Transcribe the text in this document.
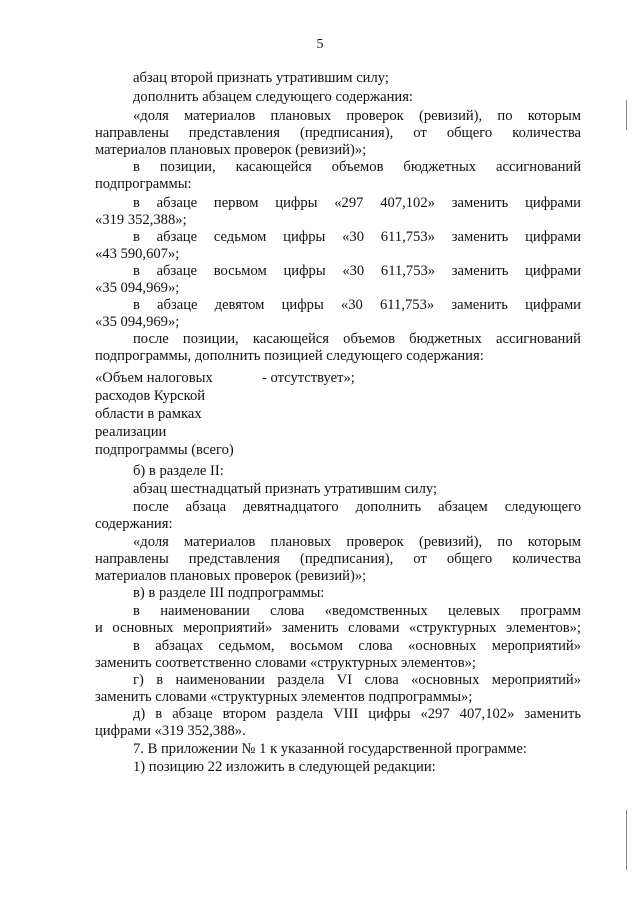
5
абзац второй признать утратившим силу;
дополнить абзацем следующего содержания:
«доля материалов плановых проверок (ревизий), по которым
направлены представления (предписания), от общего количества
материалов плановых проверок (ревизий)»;
в позиции, касающейся объемов бюджетных ассигнований
подпрограммы:
в абзаце первом цифры «297 407,102» заменить цифрами
«319 352,388»;
в абзаце седьмом цифры «30 611,753» заменить цифрами
«43 590,607»;
в абзаце восьмом цифры «30 611,753» заменить цифрами
«35 094,969»;
в абзаце девятом цифры «30 611,753» заменить цифрами
«35 094,969»;
после позиции, касающейся объемов бюджетных ассигнований
подпрограммы, дополнить позицией следующего содержания:
«Объем налоговых
расходов Курской
области в рамках
реализации
подпрограммы (всего)
- отсутствует»;
б) в разделе II:
абзац шестнадцатый признать утратившим силу;
после абзаца девятнадцатого дополнить абзацем следующего
содержания:
«доля материалов плановых проверок (ревизий), по которым
направлены представления (предписания), от общего количества
материалов плановых проверок (ревизий)»;
в) в разделе III подпрограммы:
в наименовании слова «ведомственных целевых программ
и основных мероприятий» заменить словами «структурных элементов»;
в абзацах седьмом, восьмом слова «основных мероприятий»
заменить соответственно словами «структурных элементов»;
г) в наименовании раздела VI слова «основных мероприятий»
заменить словами «структурных элементов подпрограммы»;
д) в абзаце втором раздела VIII цифры «297 407,102» заменить
цифрами «319 352,388».
7. В приложении № 1 к указанной государственной программе:
1) позицию 22 изложить в следующей редакции:
